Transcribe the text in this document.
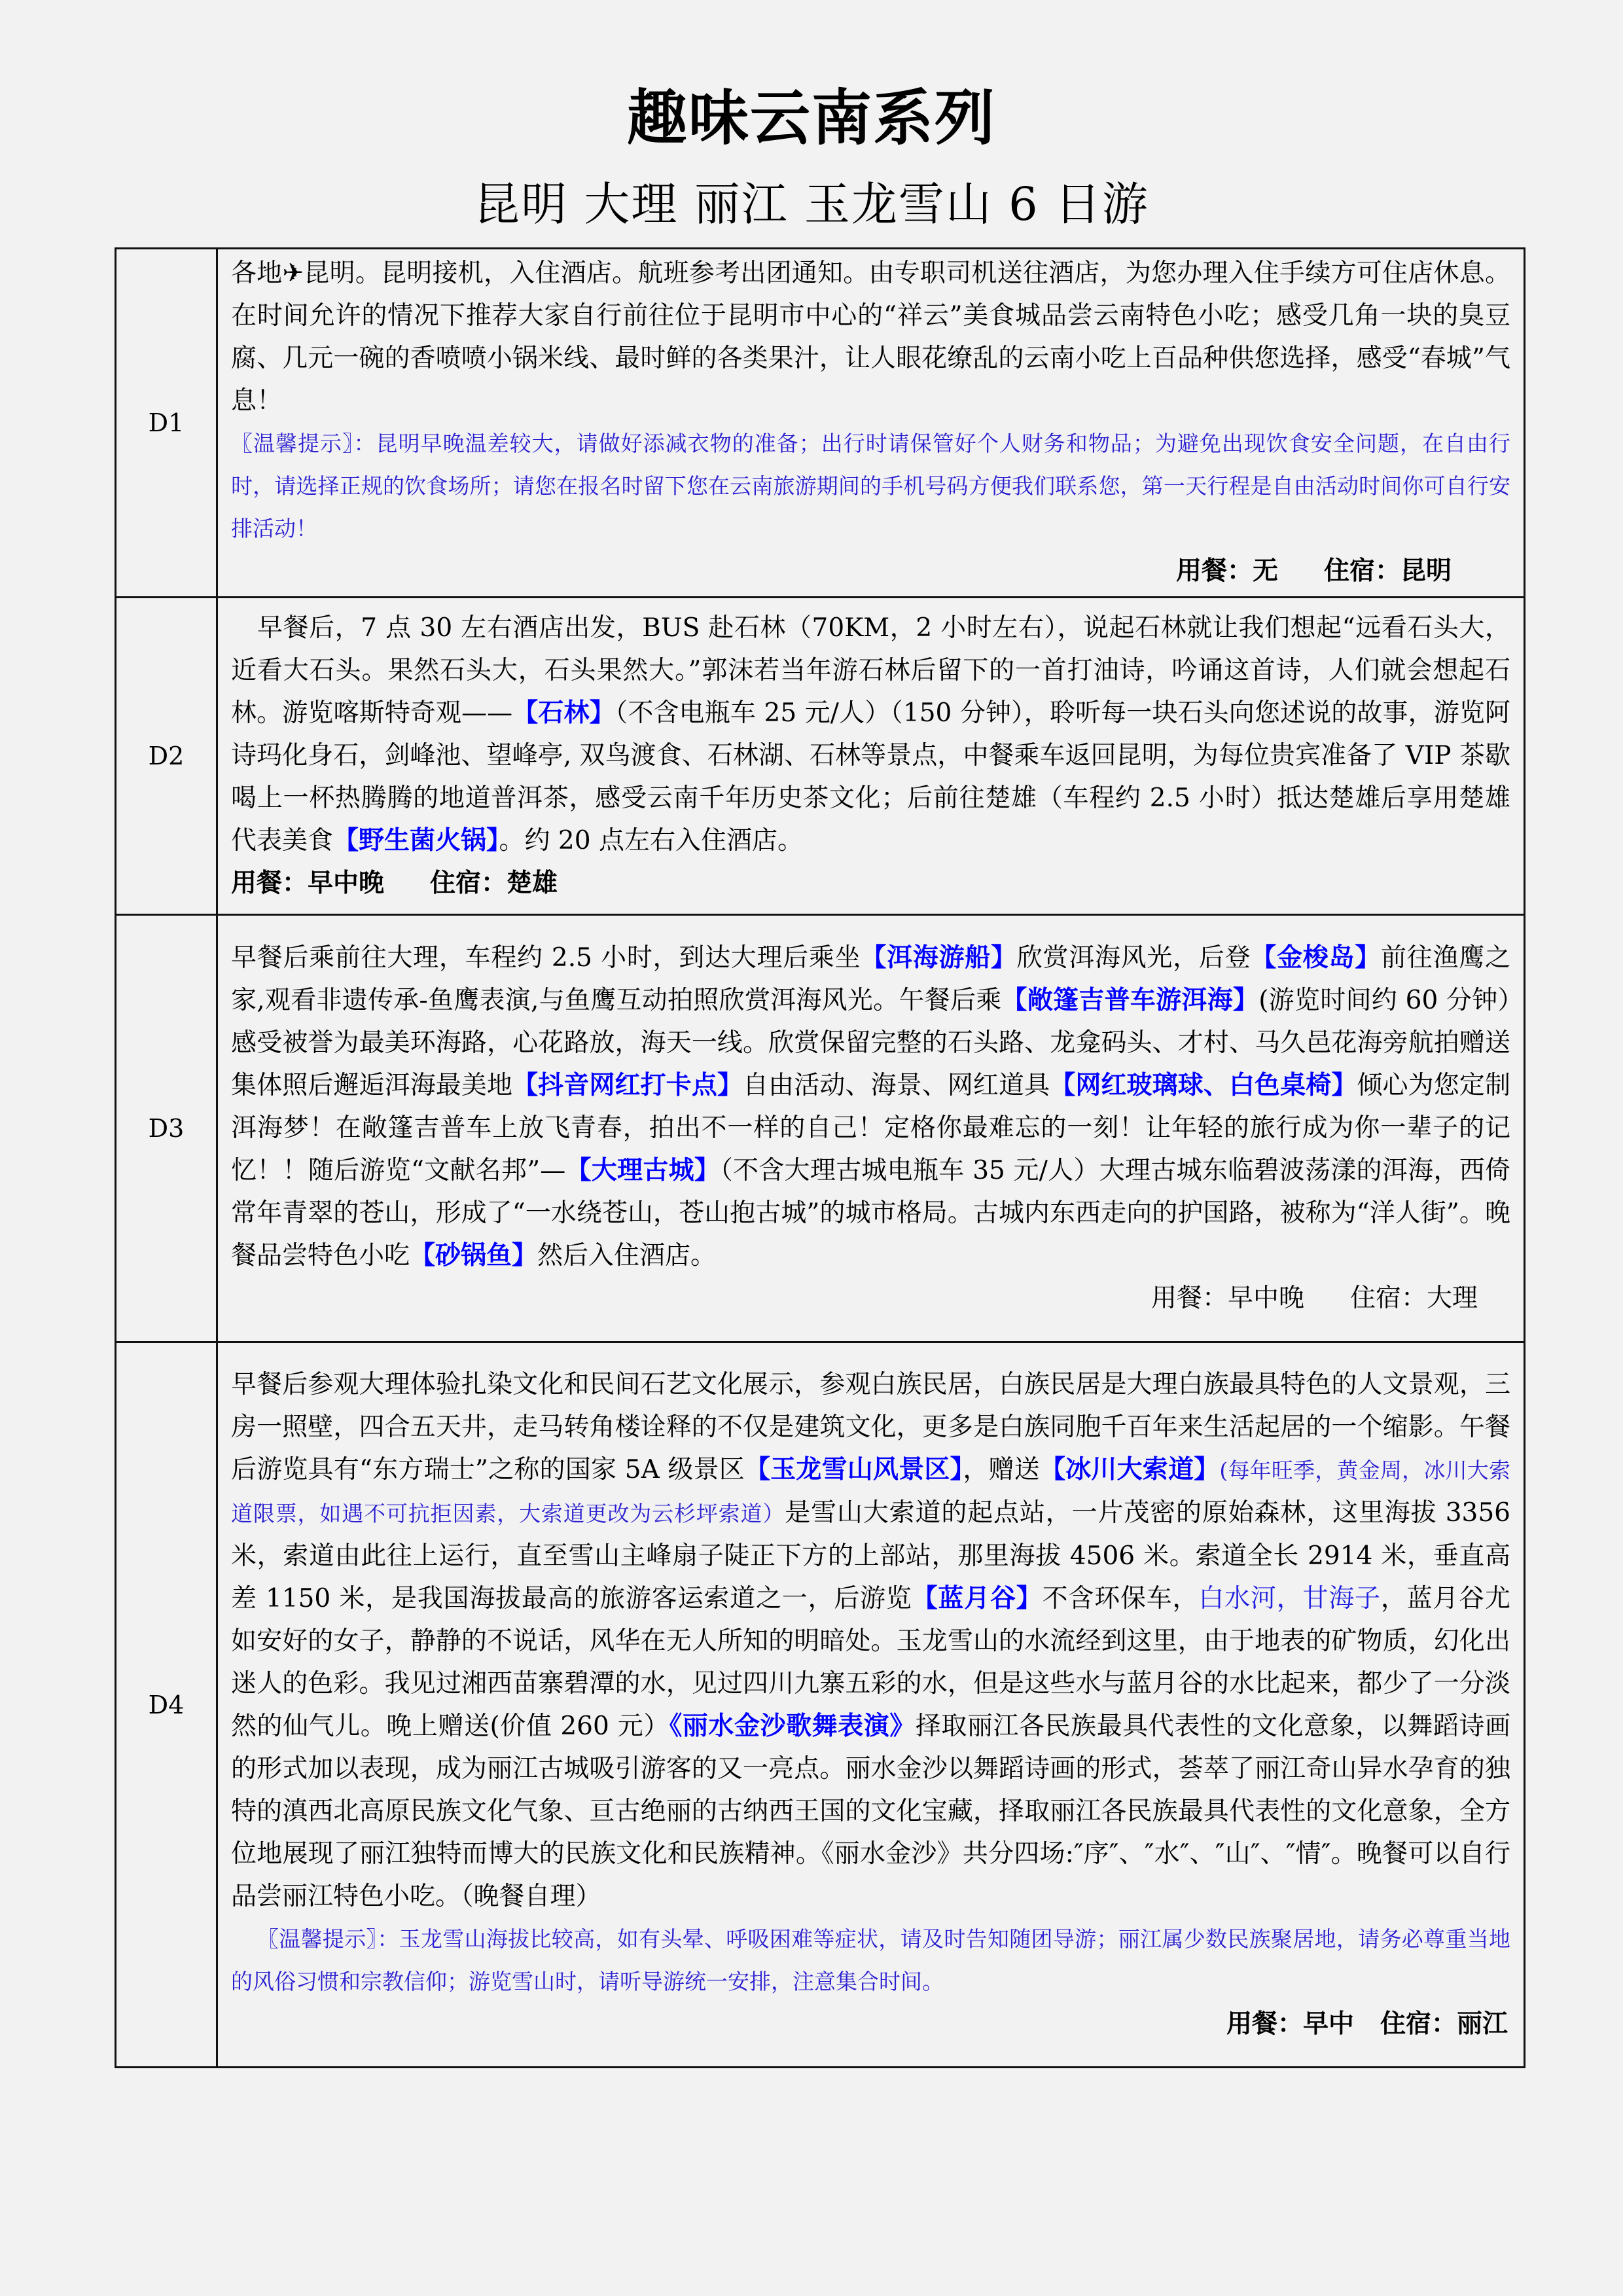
趣味云南系列
昆明 大理 丽江 玉龙雪山 6 日游
D1	各地✈昆明。昆明接机，入住酒店。航班参考出团通知。由专职司机送往酒店，为您办理入住手续方可住店休息。在时间允许的情况下推荐大家自行前往位于昆明市中心的“祥云”美食城品尝云南特色小吃；感受几角一块的臭豆腐、几元一碗的香喷喷小锅米线、最时鲜的各类果汁，让人眼花缭乱的云南小吃上百品种供您选择，感受“春城”气息！
〖温馨提示〗：昆明早晚温差较大，请做好添减衣物的准备；出行时请保管好个人财务和物品；为避免出现饮食安全问题，在自由行时，请选择正规的饮食场所；请您在报名时留下您在云南旅游期间的手机号码方便我们联系您，第一天行程是自由活动时间你可自行安排活动！
用餐：无 住宿：昆明

D2	早餐后，7 点 30 左右酒店出发，BUS 赴石林（70KM，2 小时左右），说起石林就让我们想起“远看石头大，近看大石头。果然石头大，石头果然大。”郭沫若当年游石林后留下的一首打油诗，吟诵这首诗，人们就会想起石林。游览喀斯特奇观——【石林】（不含电瓶车 25 元/人）（150 分钟），聆听每一块石头向您述说的故事，游览阿诗玛化身石，剑峰池、望峰亭, 双鸟渡食、石林湖、石林等景点，中餐乘车返回昆明，为每位贵宾准备了 VIP 茶歇喝上一杯热腾腾的地道普洱茶，感受云南千年历史茶文化；后前往楚雄（车程约 2.5 小时）抵达楚雄后享用楚雄代表美食【野生菌火锅】。约 20 点左右入住酒店。
用餐：早中晚 住宿：楚雄

D3	早餐后乘前往大理，车程约 2.5 小时，到达大理后乘坐【洱海游船】欣赏洱海风光，后登【金梭岛】前往渔鹰之家,观看非遗传承-鱼鹰表演,与鱼鹰互动拍照欣赏洱海风光。午餐后乘【敞篷吉普车游洱海】(游览时间约 60 分钟）感受被誉为最美环海路，心花路放，海天一线。欣赏保留完整的石头路、龙龛码头、才村、马久邑花海旁航拍赠送集体照后邂逅洱海最美地【抖音网红打卡点】自由活动、海景、网红道具【网红玻璃球、白色桌椅】倾心为您定制洱海梦！在敞篷吉普车上放飞青春，拍出不一样的自己！定格你最难忘的一刻！让年轻的旅行成为你一辈子的记忆！！随后游览“文献名邦”—【大理古城】（不含大理古城电瓶车 35 元/人）大理古城东临碧波荡漾的洱海，西倚常年青翠的苍山，形成了“一水绕苍山，苍山抱古城”的城市格局。古城内东西走向的护国路，被称为“洋人街”。晚餐品尝特色小吃【砂锅鱼】然后入住酒店。
用餐：早中晚 住宿：大理

D4	早餐后参观大理体验扎染文化和民间石艺文化展示，参观白族民居，白族民居是大理白族最具特色的人文景观，三房一照壁，四合五天井，走马转角楼诠释的不仅是建筑文化，更多是白族同胞千百年来生活起居的一个缩影。午餐后游览具有“东方瑞士”之称的国家 5A 级景区【玉龙雪山风景区】，赠送【冰川大索道】(每年旺季，黄金周，冰川大索道限票，如遇不可抗拒因素，大索道更改为云杉坪索道）是雪山大索道的起点站，一片茂密的原始森林，这里海拔 3356 米，索道由此往上运行，直至雪山主峰扇子陡正下方的上部站，那里海拔 4506 米。索道全长 2914 米，垂直高差 1150 米，是我国海拔最高的旅游客运索道之一，后游览【蓝月谷】不含环保车，白水河，甘海子，蓝月谷尤如安好的女子，静静的不说话，风华在无人所知的明暗处。玉龙雪山的水流经到这里，由于地表的矿物质，幻化出迷人的色彩。我见过湘西苗寨碧潭的水，见过四川九寨五彩的水，但是这些水与蓝月谷的水比起来，都少了一分淡然的仙气儿。晚上赠送(价值 260 元）《丽水金沙歌舞表演》择取丽江各民族最具代表性的文化意象，以舞蹈诗画的形式加以表现，成为丽江古城吸引游客的又一亮点。丽水金沙以舞蹈诗画的形式，荟萃了丽江奇山异水孕育的独特的滇西北高原民族文化气象、亘古绝丽的古纳西王国的文化宝藏，择取丽江各民族最具代表性的文化意象，全方位地展现了丽江独特而博大的民族文化和民族精神。《丽水金沙》共分四场:″序″、″水″、″山″、″情″。晚餐可以自行品尝丽江特色小吃。（晚餐自理）
〖温馨提示〗：玉龙雪山海拔比较高，如有头晕、呼吸困难等症状，请及时告知随团导游；丽江属少数民族聚居地，请务必尊重当地的风俗习惯和宗教信仰；游览雪山时，请听导游统一安排，注意集合时间。
用餐：早中 住宿：丽江
